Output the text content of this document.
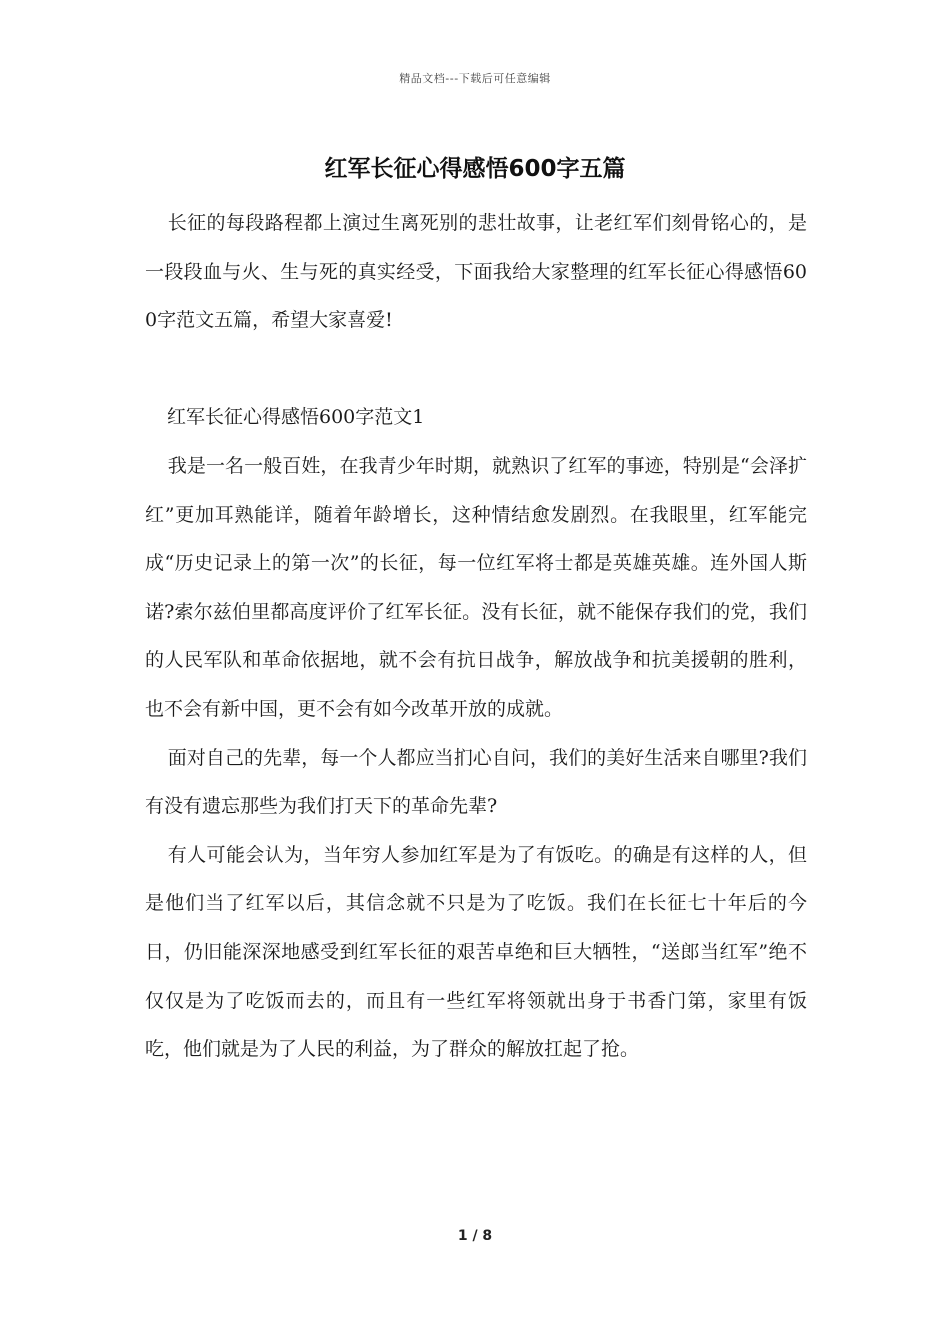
精品文档---下载后可任意编辑
红军长征心得感悟600字五篇

长征的每段路程都上演过生离死别的悲壮故事，让老红军们刻骨铭心的，是一段段血与火、生与死的真实经受，下面我给大家整理的红军长征心得感悟600字范文五篇，希望大家喜爱!

红军长征心得感悟600字范文1

我是一名一般百姓，在我青少年时期，就熟识了红军的事迹，特别是“会泽扩红”更加耳熟能详，随着年龄增长，这种情结愈发剧烈。在我眼里，红军能完成“历史记录上的第一次”的长征，每一位红军将士都是英雄英雄。连外国人斯诺?索尔兹伯里都高度评价了红军长征。没有长征，就不能保存我们的党，我们的人民军队和革命依据地，就不会有抗日战争，解放战争和抗美援朝的胜利，也不会有新中国，更不会有如今改革开放的成就。

面对自己的先辈，每一个人都应当扪心自问，我们的美好生活来自哪里?我们有没有遗忘那些为我们打天下的革命先辈?

有人可能会认为，当年穷人参加红军是为了有饭吃。的确是有这样的人，但是他们当了红军以后，其信念就不只是为了吃饭。我们在长征七十年后的今日，仍旧能深深地感受到红军长征的艰苦卓绝和巨大牺牲，“送郎当红军”绝不仅仅是为了吃饭而去的，而且有一些红军将领就出身于书香门第，家里有饭吃，他们就是为了人民的利益，为了群众的解放扛起了抢。

1 / 8
